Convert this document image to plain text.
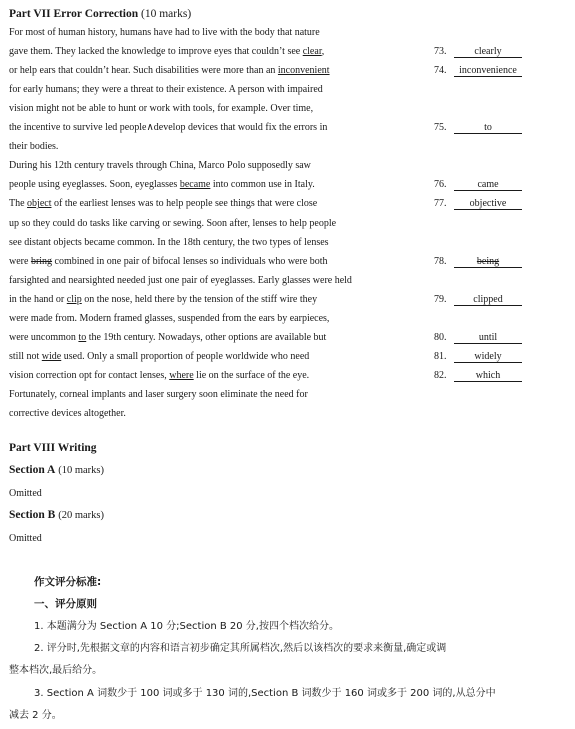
Part VII Error Correction (10 marks)
For most of human history, humans have had to live with the body that nature
gave them. They lacked the knowledge to improve eyes that couldn’t see clear,
or help ears that couldn’t hear. Such disabilities were more than an inconvenient
for early humans; they were a threat to their existence. A person with impaired
vision might not be able to hunt or work with tools, for example. Over time,
the incentive to survive led people∧develop devices that would fix the errors in
their bodies.
During his 12th century travels through China, Marco Polo supposedly saw
people using eyeglasses. Soon, eyeglasses became into common use in Italy.
The object of the earliest lenses was to help people see things that were close
up so they could do tasks like carving or sewing. Soon after, lenses to help people
see distant objects became common. In the 18th century, the two types of lenses
were bring combined in one pair of bifocal lenses so individuals who were both
farsighted and nearsighted needed just one pair of eyeglasses. Early glasses were held
in the hand or clip on the nose, held there by the tension of the stiff wire they
were made from. Modern framed glasses, suspended from the ears by earpieces,
were uncommon to the 19th century. Nowadays, other options are available but
still not wide used. Only a small proportion of people worldwide who need
vision correction opt for contact lenses, where lie on the surface of the eye.
Fortunately, corneal implants and laser surgery soon eliminate the need for
corrective devices altogether.
73.	clearly
74. inconvenience
75.	to
76.	came
77. objective
78.	being
79.	clipped
80.	until
81.	widely
82.	which
Part VIII Writing
Section A (10 marks)
Omitted
Section B (20 marks)
Omitted
作文评分标准:
一、评分原则
1. 本题满分为 Section A 10 分;Section B 20 分,按四个档次给分。
2. 评分时,先根据文章的内容和语言初步确定其所属档次,然后以该档次的要求来衡量,确定或调
整本档次,最后给分。
3. Section A 词数少于 100 词或多于 130 词的,Section B 词数少于 160 词或多于 200 词的,从总分中
减去 2 分。
